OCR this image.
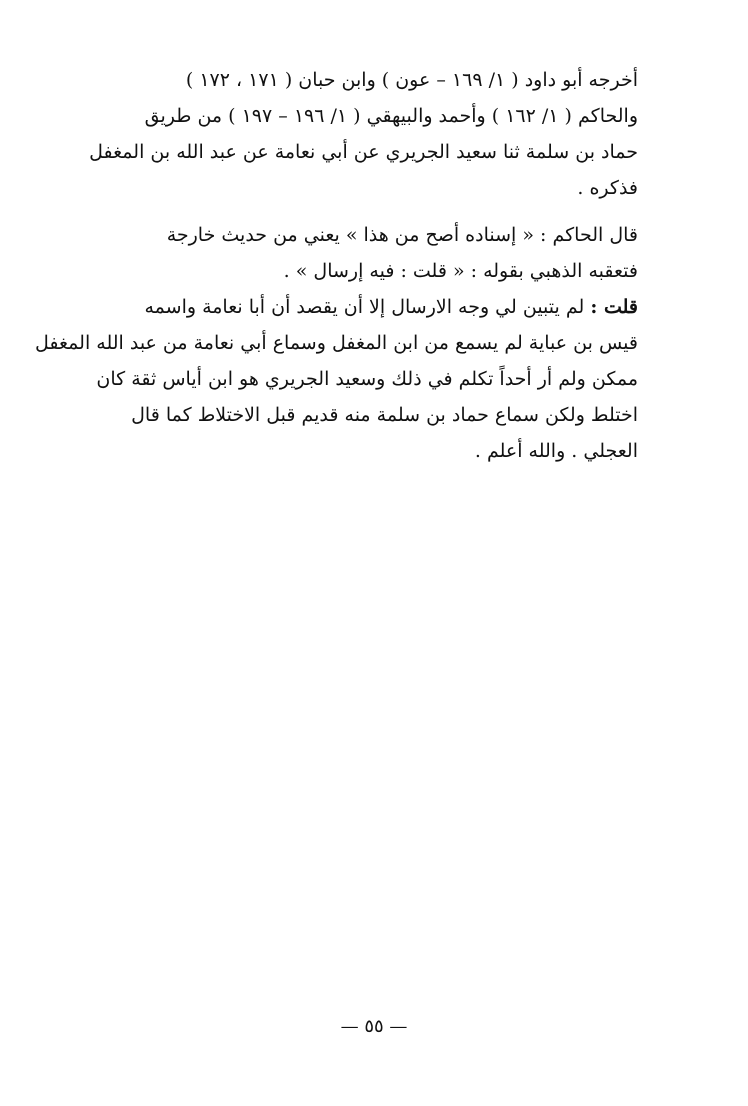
أخرجه أبو داود ( ١/ ١٦٩ – عون ) وابن حبان ( ١٧١ ، ١٧٢ )
والحاكم ( ١/ ١٦٢ ) وأحمد والبيهقي ( ١/ ١٩٦ – ١٩٧ ) من طريق
حماد بن سلمة ثنا سعيد الجريري عن أبي نعامة عن عبد الله بن المغفل
فذكره .
قال الحاكم : « إسناده أصح من هذا » يعني من حديث خارجة
فتعقبه الذهبي بقوله : « قلت : فيه إرسال » .
قلت : لم يتبين لي وجه الارسال إلا أن يقصد أن أبا نعامة واسمه
قيس بن عباية لم يسمع من ابن المغفل وسماع أبي نعامة من عبد الله المغفل
ممكن ولم أر أحداً تكلم في ذلك وسعيد الجريري هو ابن أياس ثقة كان
اختلط ولكن سماع حماد بن سلمة منه قديم قبل الاختلاط كما قال
العجلي . والله أعلم .
— ٥٥ —
